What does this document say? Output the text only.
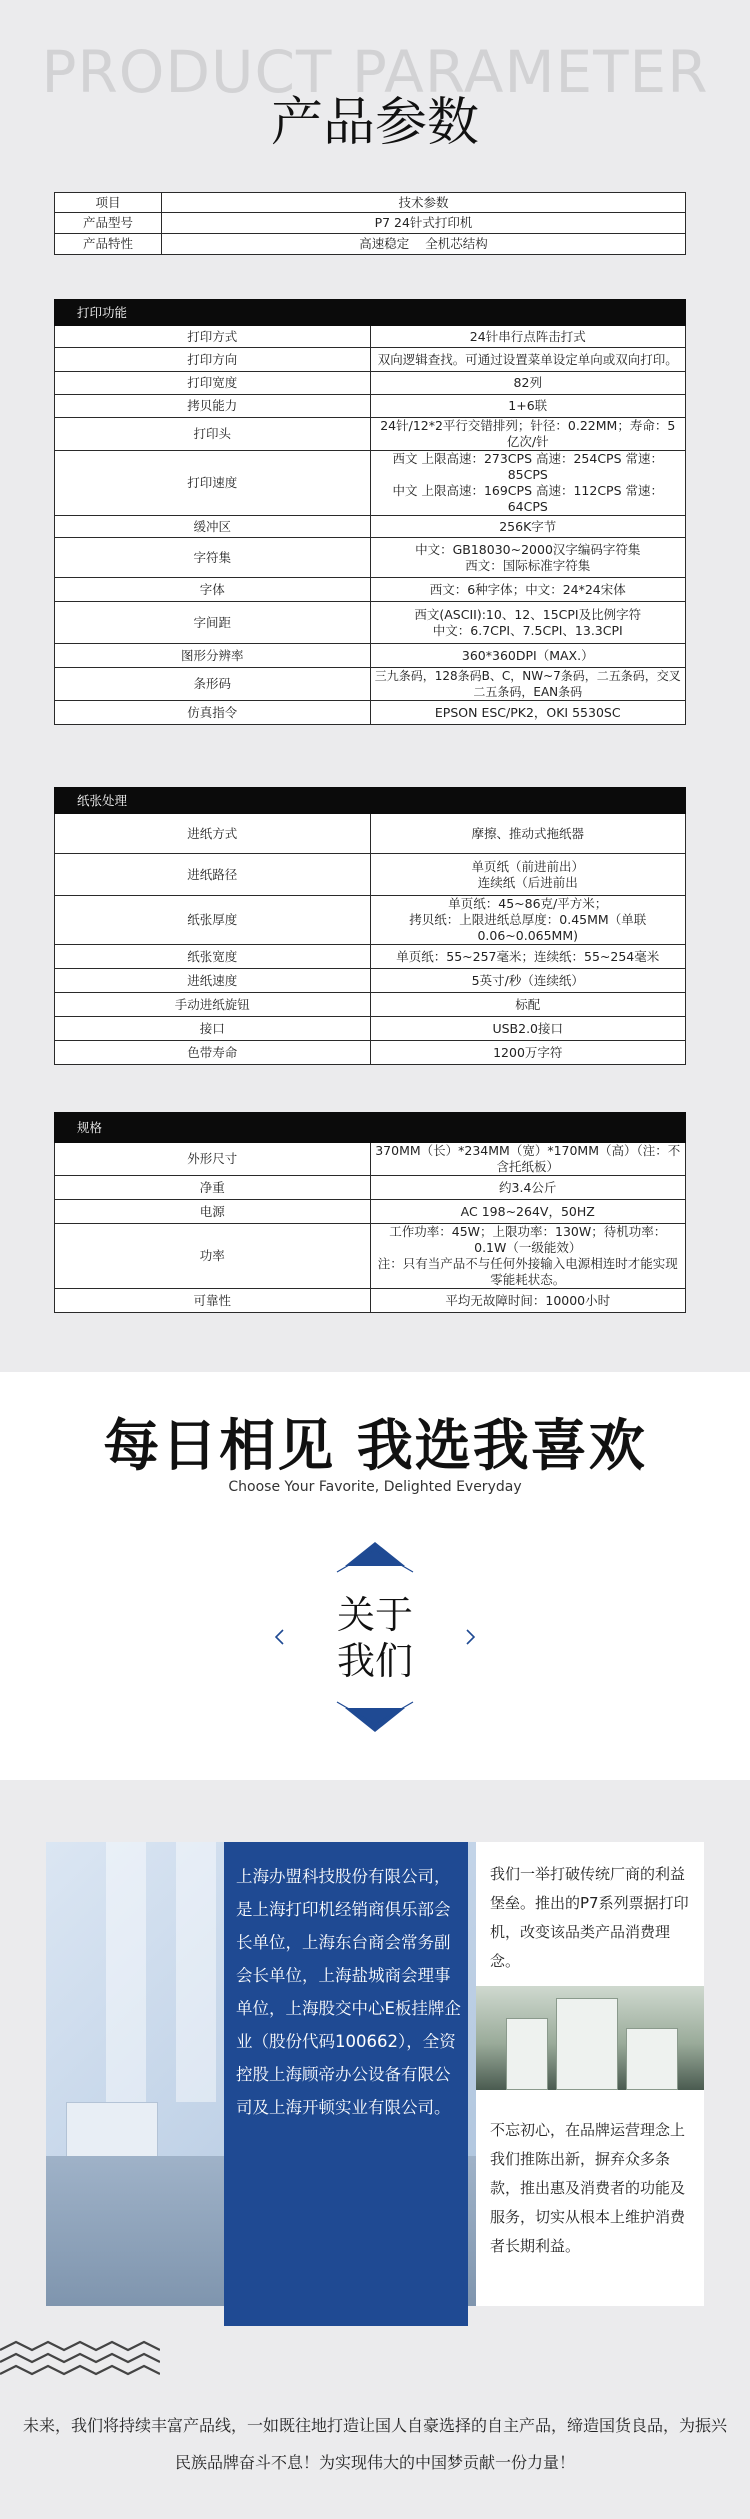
PRODUCT PARAMETER
产品参数
项目	技术参数
产品型号	P7 24针式打印机
产品特性	高速稳定    全机芯结构
打印功能	
打印方式	24针串行点阵击打式
打印方向	双向逻辑查找。可通过设置菜单设定单向或双向打印。
打印宽度	82列
拷贝能力	1+6联
打印头	24针/12*2平行交错排列；针径：0.22MM；寿命：5亿次/针
打印速度	西文 上限高速：273CPS 高速：254CPS 常速：85CPS
中文 上限高速：169CPS 高速：112CPS 常速：64CPS
缓冲区	256K字节
字符集	中文：GB18030~2000汉字编码字符集
西文：国际标准字符集
字体	西文：6种字体；中文：24*24宋体
字间距	西文(ASCII):10、12、15CPI及比例字符
中文：6.7CPI、7.5CPI、13.3CPI
图形分辨率	360*360DPI（MAX.）
条形码	三九条码，128条码B、C，NW~7条码，二五条码，交叉二五条码，EAN条码
仿真指令	EPSON ESC/PK2，OKI 5530SC
纸张处理	
进纸方式	摩擦、推动式拖纸器
进纸路径	单页纸（前进前出）
连续纸（后进前出
纸张厚度	单页纸：45~86克/平方米；
拷贝纸：上限进纸总厚度：0.45MM（单联0.06~0.065MM)
纸张宽度	单页纸：55~257毫米；连续纸：55~254毫米
进纸速度	5英寸/秒（连续纸）
手动进纸旋钮	标配
接口	USB2.0接口
色带寿命	1200万字符
规格	
外形尺寸	370MM（长）*234MM（宽）*170MM（高）（注：不含托纸板）
净重	约3.4公斤
电源	AC 198~264V，50HZ
功率	工作功率：45W；上限功率：130W；待机功率：0.1W（一级能效）
注：只有当产品不与任何外接输入电源相连时才能实现零能耗状态。
可靠性	平均无故障时间：10000小时
每日相见 我选我喜欢
Choose Your Favorite, Delighted Everyday
关于
我们

上海办盟科技股份有限公司，是上海打印机经销商俱乐部会长单位，上海东台商会常务副会长单位，上海盐城商会理事单位，上海股交中心E板挂牌企业（股份代码100662），全资控股上海顾帝办公设备有限公司及上海开顿实业有限公司。

我们一举打破传统厂商的利益堡垒。推出的P7系列票据打印机，改变该品类产品消费理念。
不忘初心，在品牌运营理念上我们推陈出新，摒弃众多条款，推出惠及消费者的功能及服务，切实从根本上维护消费者长期利益。
未来，我们将持续丰富产品线，一如既往地打造让国人自豪选择的自主产品，缔造国货良品，为振兴民族品牌奋斗不息！为实现伟大的中国梦贡献一份力量！
